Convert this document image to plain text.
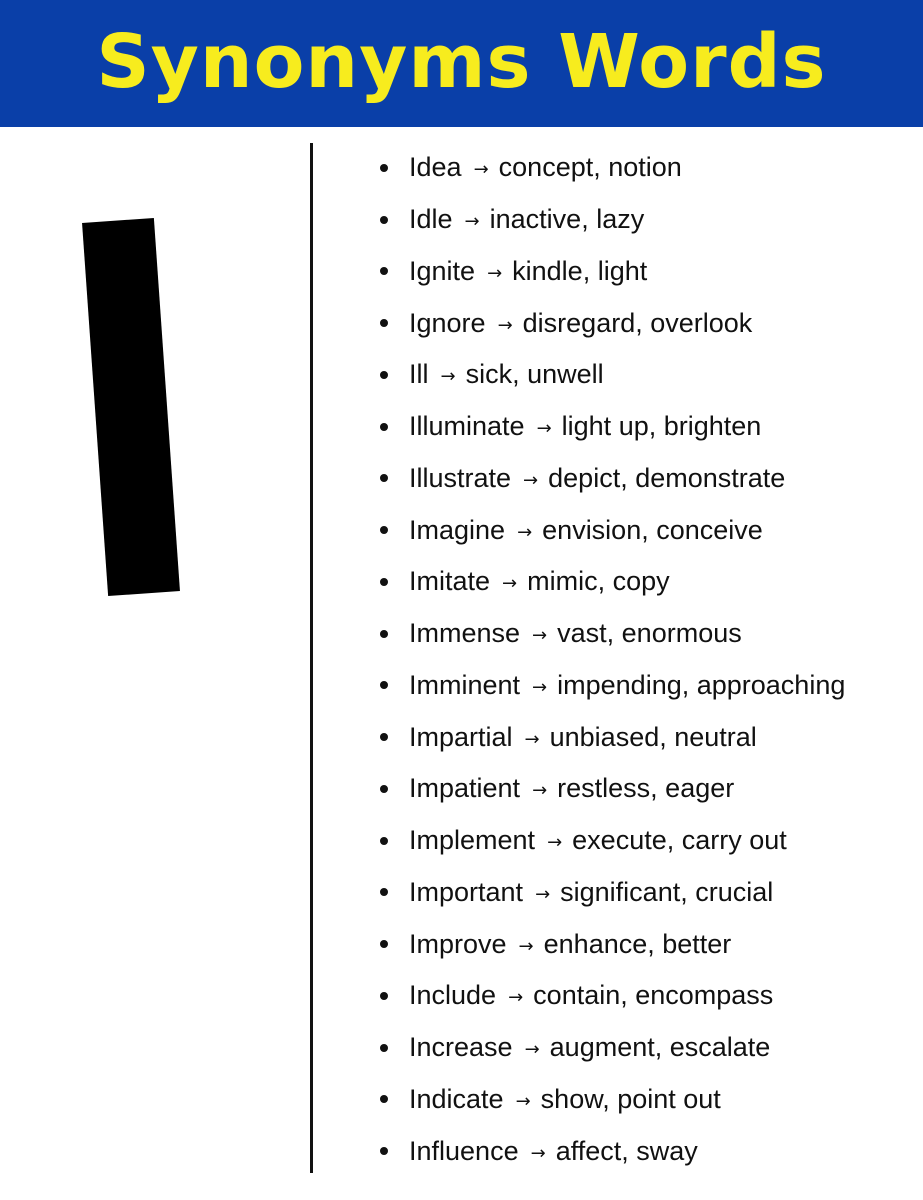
Synonyms Words
Idea → concept, notion
Idle → inactive, lazy
Ignite → kindle, light
Ignore → disregard, overlook
Ill → sick, unwell
Illuminate → light up, brighten
Illustrate → depict, demonstrate
Imagine → envision, conceive
Imitate → mimic, copy
Immense → vast, enormous
Imminent → impending, approaching
Impartial → unbiased, neutral
Impatient → restless, eager
Implement → execute, carry out
Important → significant, crucial
Improve → enhance, better
Include → contain, encompass
Increase → augment, escalate
Indicate → show, point out
Influence → affect, sway
